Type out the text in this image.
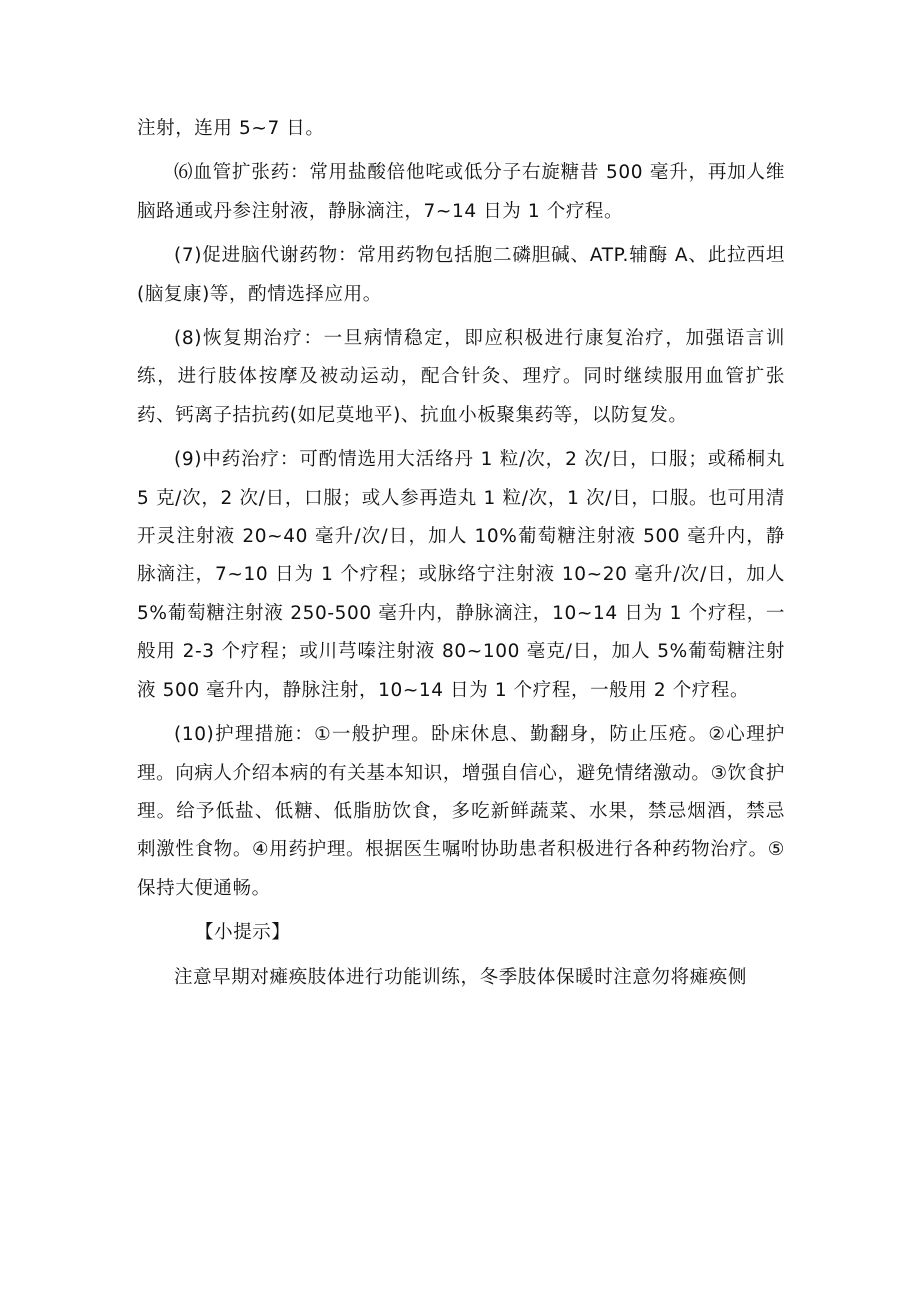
注射，连用 5~7 日。

⑹血管扩张药：常用盐酸倍他咤或低分子右旋糖昔 500 毫升，再加人维脑路通或丹参注射液，静脉滴注，7~14 日为 1 个疗程。

(7)促进脑代谢药物：常用药物包括胞二磷胆碱、ATP.辅酶 A、此拉西坦(脑复康)等，酌情选择应用。

(8)恢复期治疗：一旦病情稳定，即应积极进行康复治疗，加强语言训练，进行肢体按摩及被动运动，配合针灸、理疗。同时继续服用血管扩张药、钙离子拮抗药(如尼莫地平)、抗血小板聚集药等，以防复发。

(9)中药治疗：可酌情选用大活络丹 1 粒/次，2 次/日，口服；或稀桐丸 5 克/次，2 次/日，口服；或人参再造丸 1 粒/次，1 次/日，口服。也可用清开灵注射液 20~40 毫升/次/日，加人 10%葡萄糖注射液 500 毫升内，静脉滴注，7~10 日为 1 个疗程；或脉络宁注射液 10~20 毫升/次/日，加人 5%葡萄糖注射液 250-500 毫升内，静脉滴注，10~14 日为 1 个疗程，一般用 2-3 个疗程；或川芎嗪注射液 80~100 毫克/日，加人 5%葡萄糖注射液 500 毫升内，静脉注射，10~14 日为 1 个疗程，一般用 2 个疗程。

(10)护理措施：①一般护理。卧床休息、勤翻身，防止压疮。②心理护理。向病人介绍本病的有关基本知识，增强自信心，避免情绪激动。③饮食护理。给予低盐、低糖、低脂肪饮食，多吃新鲜蔬菜、水果，禁忌烟酒，禁忌刺激性食物。④用药护理。根据医生嘱咐协助患者积极进行各种药物治疗。⑤保持大便通畅。

【小提示】

注意早期对瘫痪肢体进行功能训练，冬季肢体保暖时注意勿将瘫痪侧
